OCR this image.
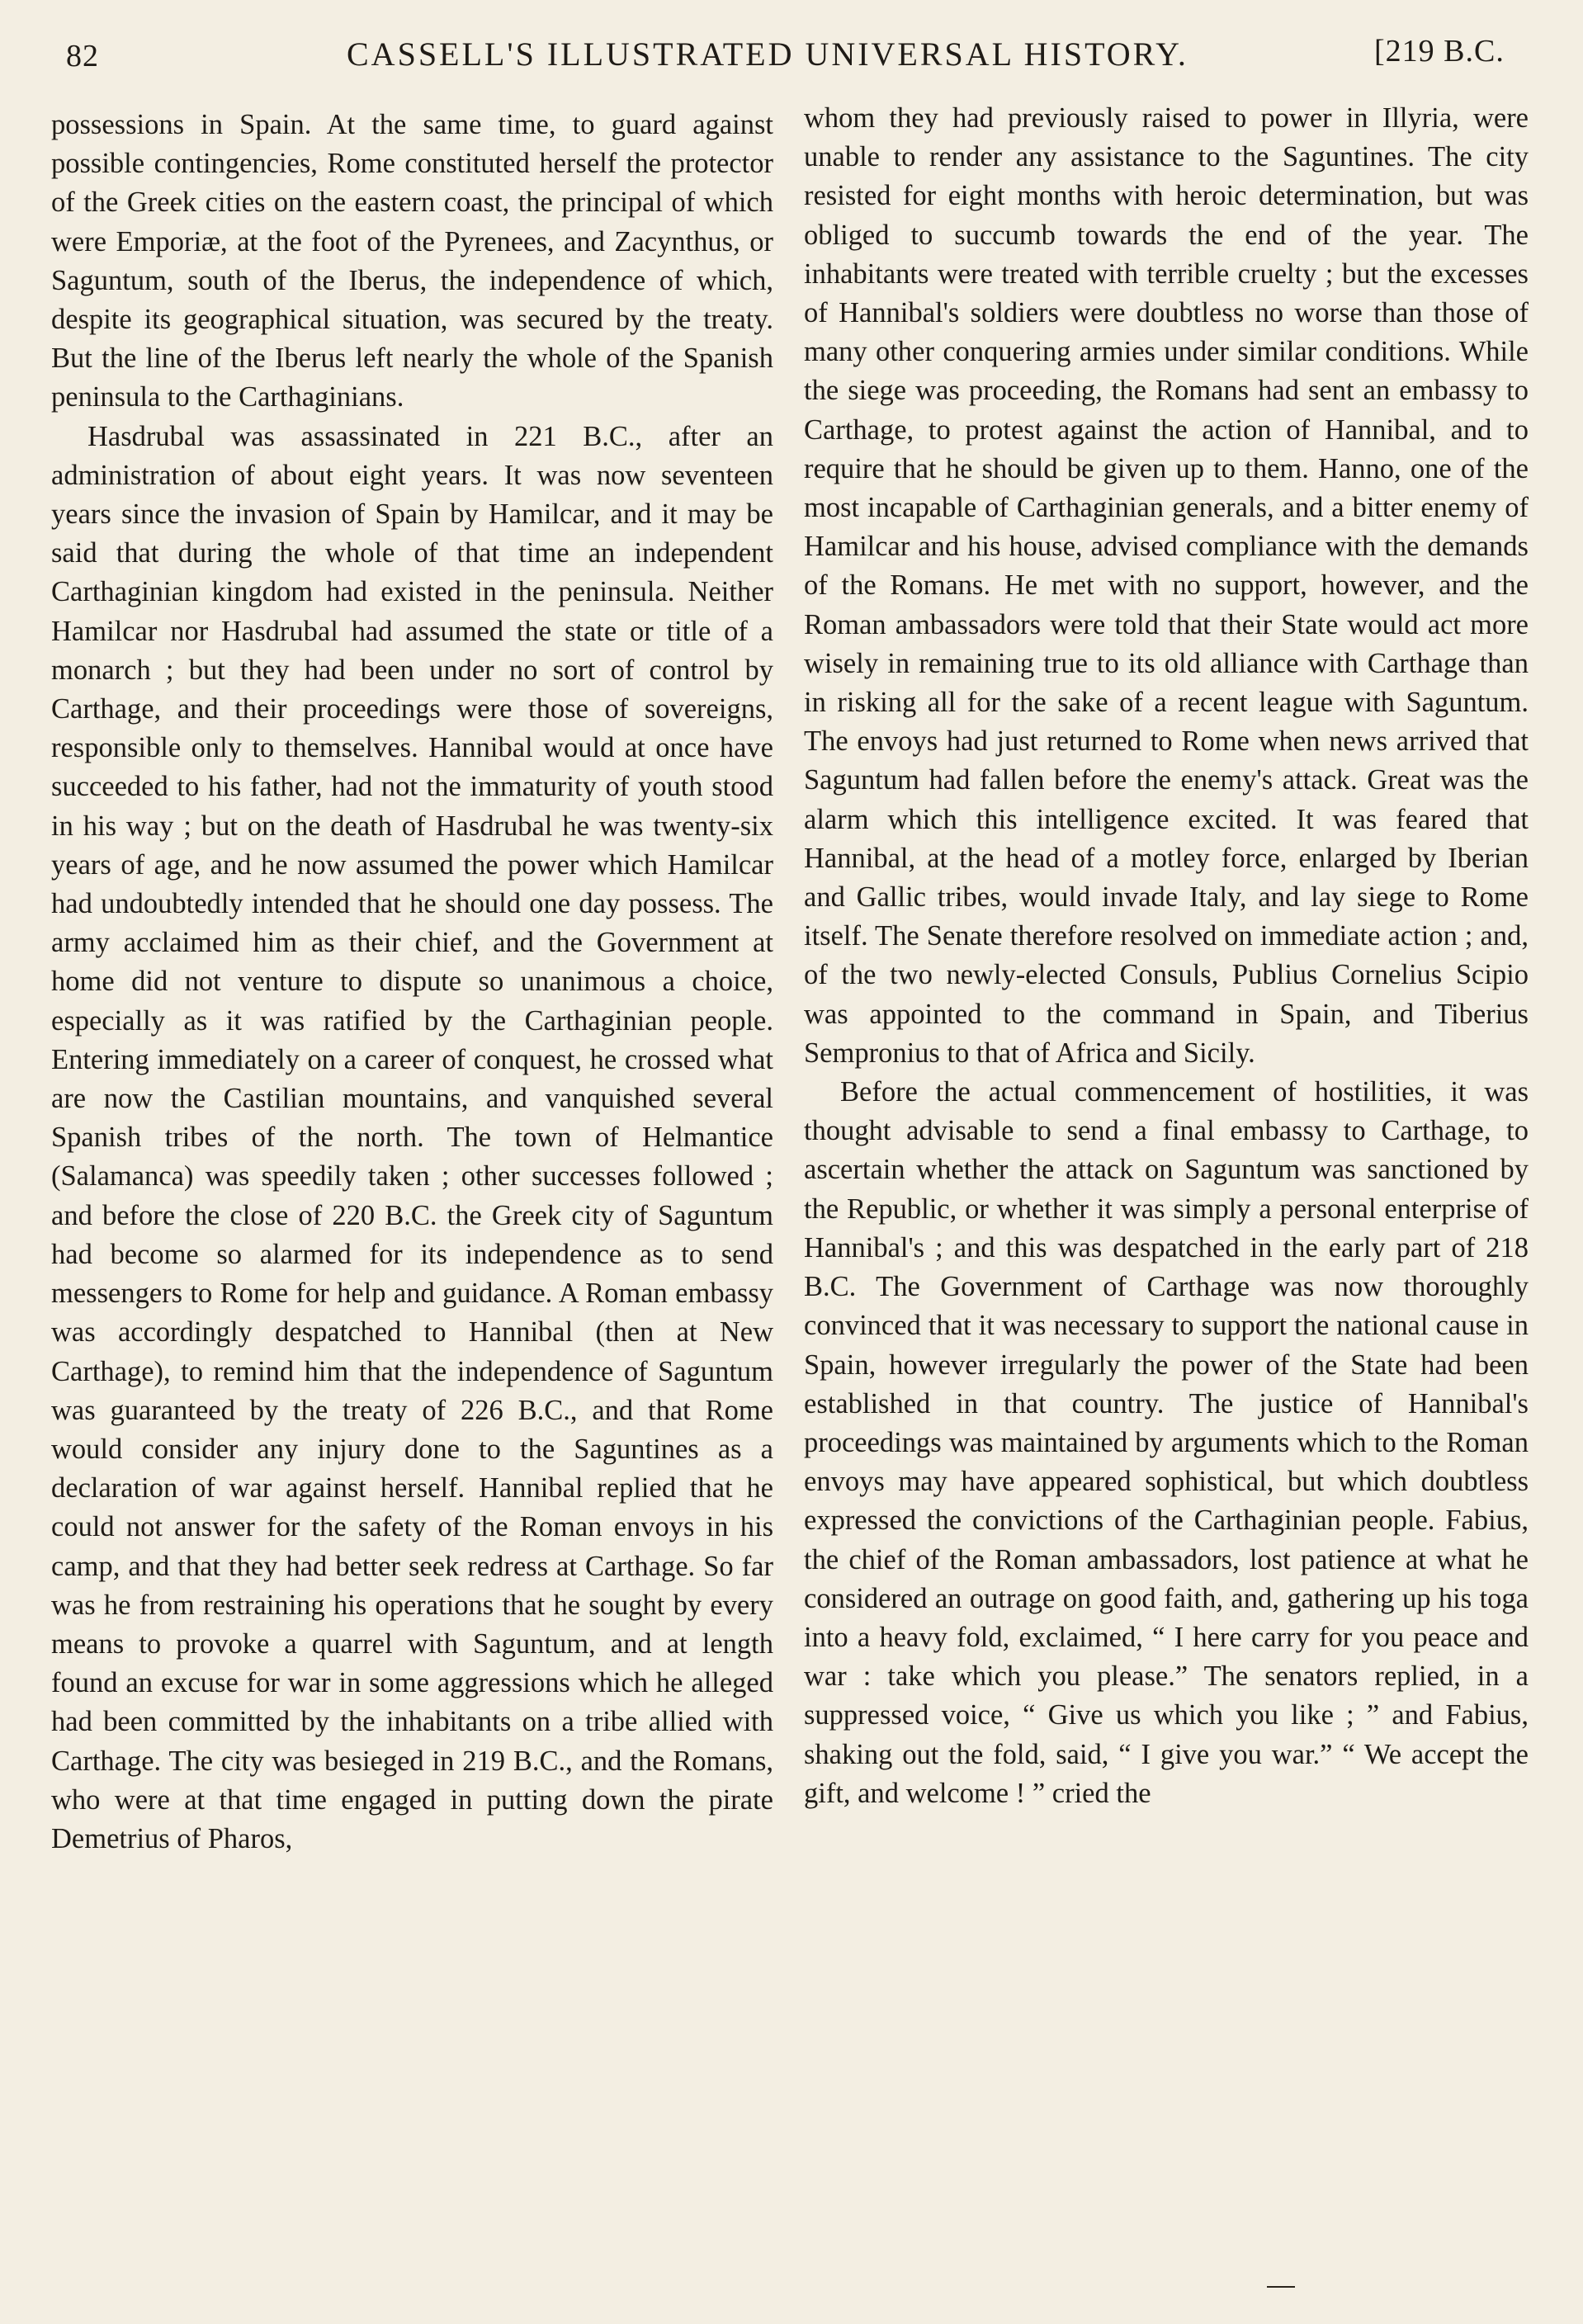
82	CASSELL'S ILLUSTRATED UNIVERSAL HISTORY.	[219 B.C.

possessions in Spain. At the same time, to guard against possible contingencies, Rome constituted herself the protector of the Greek cities on the eastern coast, the principal of which were Emporiæ, at the foot of the Pyrenees, and Zacynthus, or Saguntum, south of the Iberus, the independence of which, despite its geographical situation, was secured by the treaty. But the line of the Iberus left nearly the whole of the Spanish peninsula to the Carthaginians.

Hasdrubal was assassinated in 221 B.C., after an administration of about eight years. It was now seventeen years since the invasion of Spain by Hamilcar, and it may be said that during the whole of that time an independent Carthaginian kingdom had existed in the peninsula. Neither Hamilcar nor Hasdrubal had assumed the state or title of a monarch ; but they had been under no sort of control by Carthage, and their proceedings were those of sovereigns, responsible only to themselves. Hannibal would at once have succeeded to his father, had not the immaturity of youth stood in his way ; but on the death of Hasdrubal he was twenty-six years of age, and he now assumed the power which Hamilcar had undoubtedly intended that he should one day possess. The army acclaimed him as their chief, and the Government at home did not venture to dispute so unanimous a choice, especially as it was ratified by the Carthaginian people. Entering immediately on a career of conquest, he crossed what are now the Castilian mountains, and vanquished several Spanish tribes of the north. The town of Helmantice (Salamanca) was speedily taken ; other successes followed ; and before the close of 220 B.C. the Greek city of Saguntum had become so alarmed for its independence as to send messengers to Rome for help and guidance. A Roman embassy was accordingly despatched to Hannibal (then at New Carthage), to remind him that the independence of Saguntum was guaranteed by the treaty of 226 B.C., and that Rome would consider any injury done to the Saguntines as a declaration of war against herself. Hannibal replied that he could not answer for the safety of the Roman envoys in his camp, and that they had better seek redress at Carthage. So far was he from restraining his operations that he sought by every means to provoke a quarrel with Saguntum, and at length found an excuse for war in some aggressions which he alleged had been committed by the inhabitants on a tribe allied with Carthage. The city was besieged in 219 B.C., and the Romans, who were at that time engaged in putting down the pirate Demetrius of Pharos,

whom they had previously raised to power in Illyria, were unable to render any assistance to the Saguntines. The city resisted for eight months with heroic determination, but was obliged to succumb towards the end of the year. The inhabitants were treated with terrible cruelty ; but the excesses of Hannibal's soldiers were doubtless no worse than those of many other conquering armies under similar conditions. While the siege was proceeding, the Romans had sent an embassy to Carthage, to protest against the action of Hannibal, and to require that he should be given up to them. Hanno, one of the most incapable of Carthaginian generals, and a bitter enemy of Hamilcar and his house, advised compliance with the demands of the Romans. He met with no support, however, and the Roman ambassadors were told that their State would act more wisely in remaining true to its old alliance with Carthage than in risking all for the sake of a recent league with Saguntum. The envoys had just returned to Rome when news arrived that Saguntum had fallen before the enemy's attack. Great was the alarm which this intelligence excited. It was feared that Hannibal, at the head of a motley force, enlarged by Iberian and Gallic tribes, would invade Italy, and lay siege to Rome itself. The Senate therefore resolved on immediate action ; and, of the two newly-elected Consuls, Publius Cornelius Scipio was appointed to the command in Spain, and Tiberius Sempronius to that of Africa and Sicily.

Before the actual commencement of hostilities, it was thought advisable to send a final embassy to Carthage, to ascertain whether the attack on Saguntum was sanctioned by the Republic, or whether it was simply a personal enterprise of Hannibal's ; and this was despatched in the early part of 218 B.C. The Government of Carthage was now thoroughly convinced that it was necessary to support the national cause in Spain, however irregularly the power of the State had been established in that country. The justice of Hannibal's proceedings was maintained by arguments which to the Roman envoys may have appeared sophistical, but which doubtless expressed the convictions of the Carthaginian people. Fabius, the chief of the Roman ambassadors, lost patience at what he considered an outrage on good faith, and, gathering up his toga into a heavy fold, exclaimed, “ I here carry for you peace and war : take which you please.” The senators replied, in a suppressed voice, “ Give us which you like ; ” and Fabius, shaking out the fold, said, “ I give you war.” “ We accept the gift, and welcome ! ” cried the
